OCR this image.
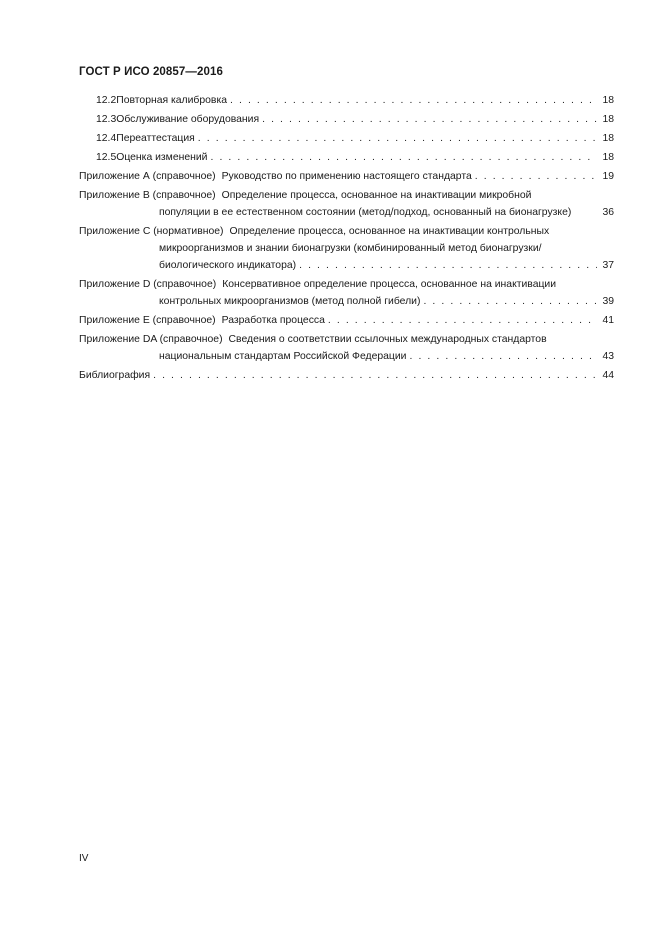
ГОСТ Р ИСО 20857—2016
12.2 Повторная калибровка . . .	18
12.3 Обслуживание оборудования . . .	18
12.4 Переаттестация . . .	18
12.5 Оценка изменений . . .	18
Приложение А (справочное) Руководство по применению настоящего стандарта . . .	19
Приложение В (справочное) Определение процесса, основанное на инактивации микробной
популяции в ее естественном состоянии (метод/подход, основанный на бионагрузке)	36
Приложение С (нормативное) Определение процесса, основанное на инактивации контрольных
микроорганизмов и знании бионагрузки (комбинированный метод бионагрузки/
биологического индикатора) . . .	37
Приложение D (справочное) Консервативное определение процесса, основанное на инактивации
контрольных микроорганизмов (метод полной гибели) . . .	39
Приложение Е (справочное) Разработка процесса . . .	41
Приложение DA (справочное) Сведения о соответствии ссылочных международных стандартов
национальным стандартам Российской Федерации . . .	43
Библиография . . .	44
IV
